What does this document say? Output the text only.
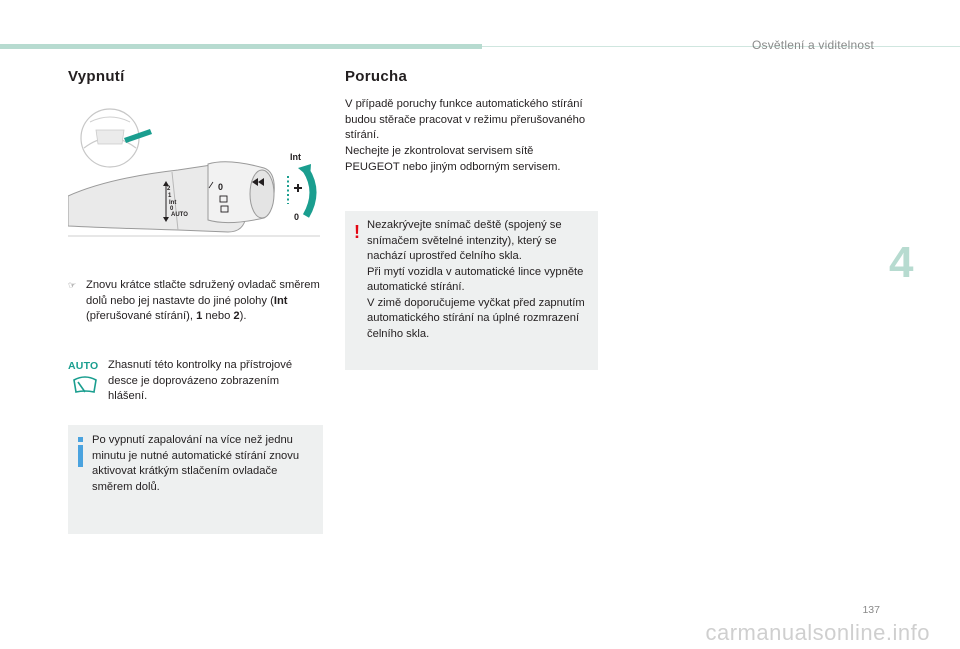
Osvětlení a viditelnost
Vypnutí
2
1
Int
0
AUTO
0
Int
0
☞ Znovu krátce stlačte sdružený ovladač směrem dolů nebo jej nastavte do jiné polohy (Int (přerušované stírání), 1 nebo 2).
AUTO Zhasnutí této kontrolky na přístrojové desce je doprovázeno zobrazením hlášení.
Po vypnutí zapalování na více než jednu minutu je nutné automatické stírání znovu aktivovat krátkým stlačením ovladače směrem dolů.
Porucha
V případě poruchy funkce automatického stírání budou stěrače pracovat v režimu přerušovaného stírání.
Nechejte je zkontrolovat servisem sítě PEUGEOT nebo jiným odborným servisem.
! Nezakrývejte snímač deště (spojený se snímačem světelné intenzity), který se nachází uprostřed čelního skla.
Při mytí vozidla v automatické lince vypněte automatické stírání.
V zimě doporučujeme vyčkat před zapnutím automatického stírání na úplné rozmrazení čelního skla.
4
137
carmanualsonline.info
